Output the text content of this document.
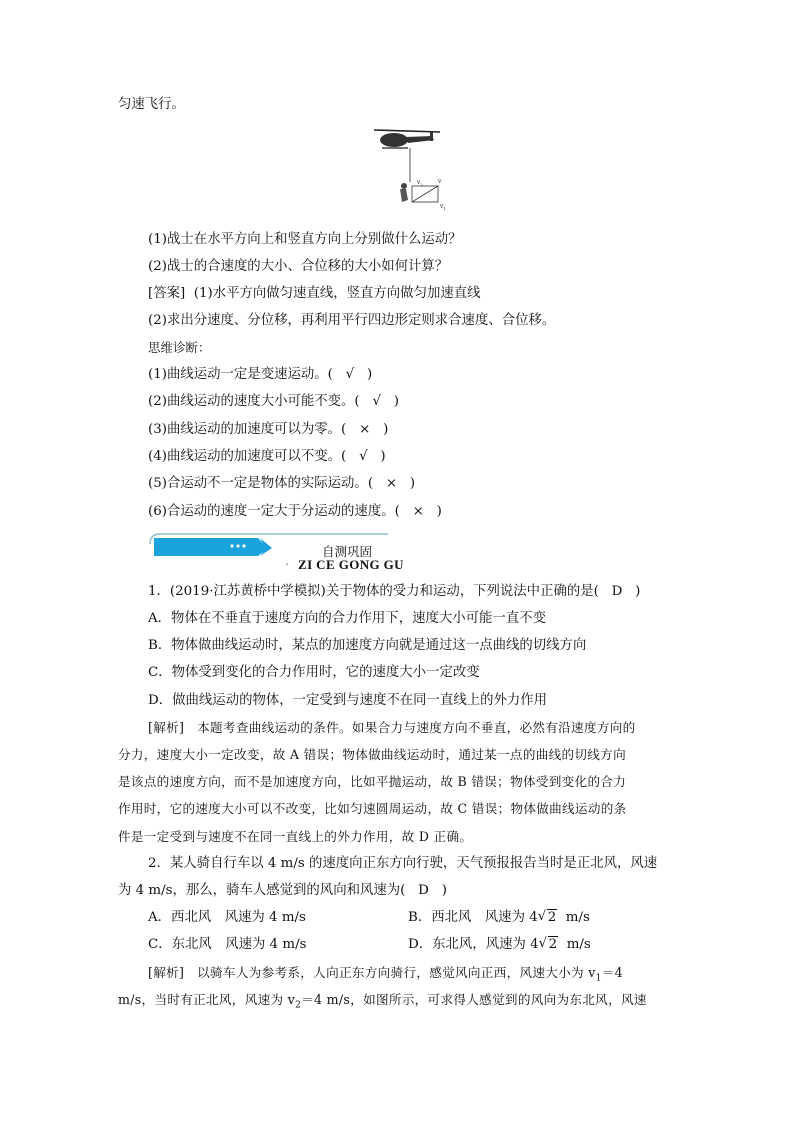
匀速飞行。
$v_2$	v
$v_1$
(1)战士在水平方向上和竖直方向上分别做什么运动？
(2)战士的合速度的大小、合位移的大小如何计算？
[答案] (1)水平方向做匀速直线，竖直方向做匀加速直线
(2)求出分速度、分位移，再利用平行四边形定则求合速度、合位移。
思维诊断：
(1)曲线运动一定是变速运动。( √ )
(2)曲线运动的速度大小可能不变。( √ )
(3)曲线运动的加速度可以为零。( × )
(4)曲线运动的加速度可以不变。( √ )
(5)合运动不一定是物体的实际运动。( × )
(6)合运动的速度一定大于分运动的速度。( × )
自测巩固
′ ZI CE GONG GU
1．(2019·江苏黄桥中学模拟)关于物体的受力和运动，下列说法中正确的是( D )
A．物体在不垂直于速度方向的合力作用下，速度大小可能一直不变
B．物体做曲线运动时，某点的加速度方向就是通过这一点曲线的切线方向
C．物体受到变化的合力作用时，它的速度大小一定改变
D．做曲线运动的物体，一定受到与速度不在同一直线上的外力作用
[解析] 本题考查曲线运动的条件。如果合力与速度方向不垂直，必然有沿速度方向的
分力，速度大小一定改变，故 A 错误；物体做曲线运动时，通过某一点的曲线的切线方向
是该点的速度方向，而不是加速度方向，比如平抛运动，故 B 错误；物体受到变化的合力
作用时，它的速度大小可以不改变，比如匀速圆周运动，故 C 错误；物体做曲线运动的条
件是一定受到与速度不在同一直线上的外力作用，故 D 正确。
2．某人骑自行车以 4 m/s 的速度向正东方向行驶，天气预报报告当时是正北风，风速
为 4 m/s，那么，骑车人感觉到的风向和风速为( D )
A．西北风　风速为 4 m/s	B．西北风　风速为 4 √ 2 m/s
C．东北风　风速为 4 m/s	D．东北风，风速为 4 √ 2 m/s
[解析] 以骑车人为参考系，人向正东方向骑行，感觉风向正西，风速大小为 $v_1=4$
m/s，当时有正北风，风速为 $v_2=4$ m/s，如图所示，可求得人感觉到的风向为东北风，风速
